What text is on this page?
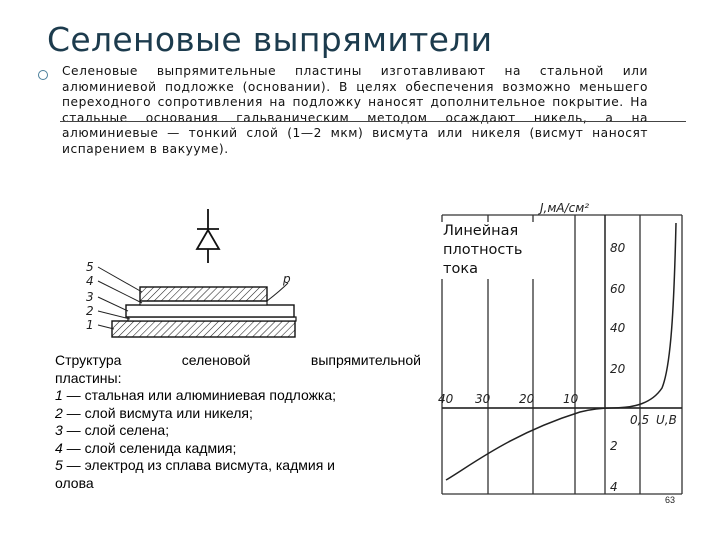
Селеновые выпрямители

Селеновые выпрямительные пластины изготавливают на стальной или алюминиевой подложке (основании). В целях обеспечения возможно меньшего переходного сопротивления на подложку наносят дополнительное покрытие. На стальные основания гальваническим методом осаждают никель, а на алюминиевые — тонкий слой (1—2 мкм) висмута или никеля (висмут наносят испарением в вакууме).

5
4
3
2
1
p
J,мА/см²
80
60
40
20
2
4
40 30 20 10
0,5 U,В

Линейная плотность тока

Структура селеновой выпрямительной

пластины:

1 — стальная или алюминиевая подложка;

2 — слой висмута или никеля;

3 — слой селена;

4 — слой селенида кадмия;

5 — электрод из сплава висмута, кадмия и

олова

63
